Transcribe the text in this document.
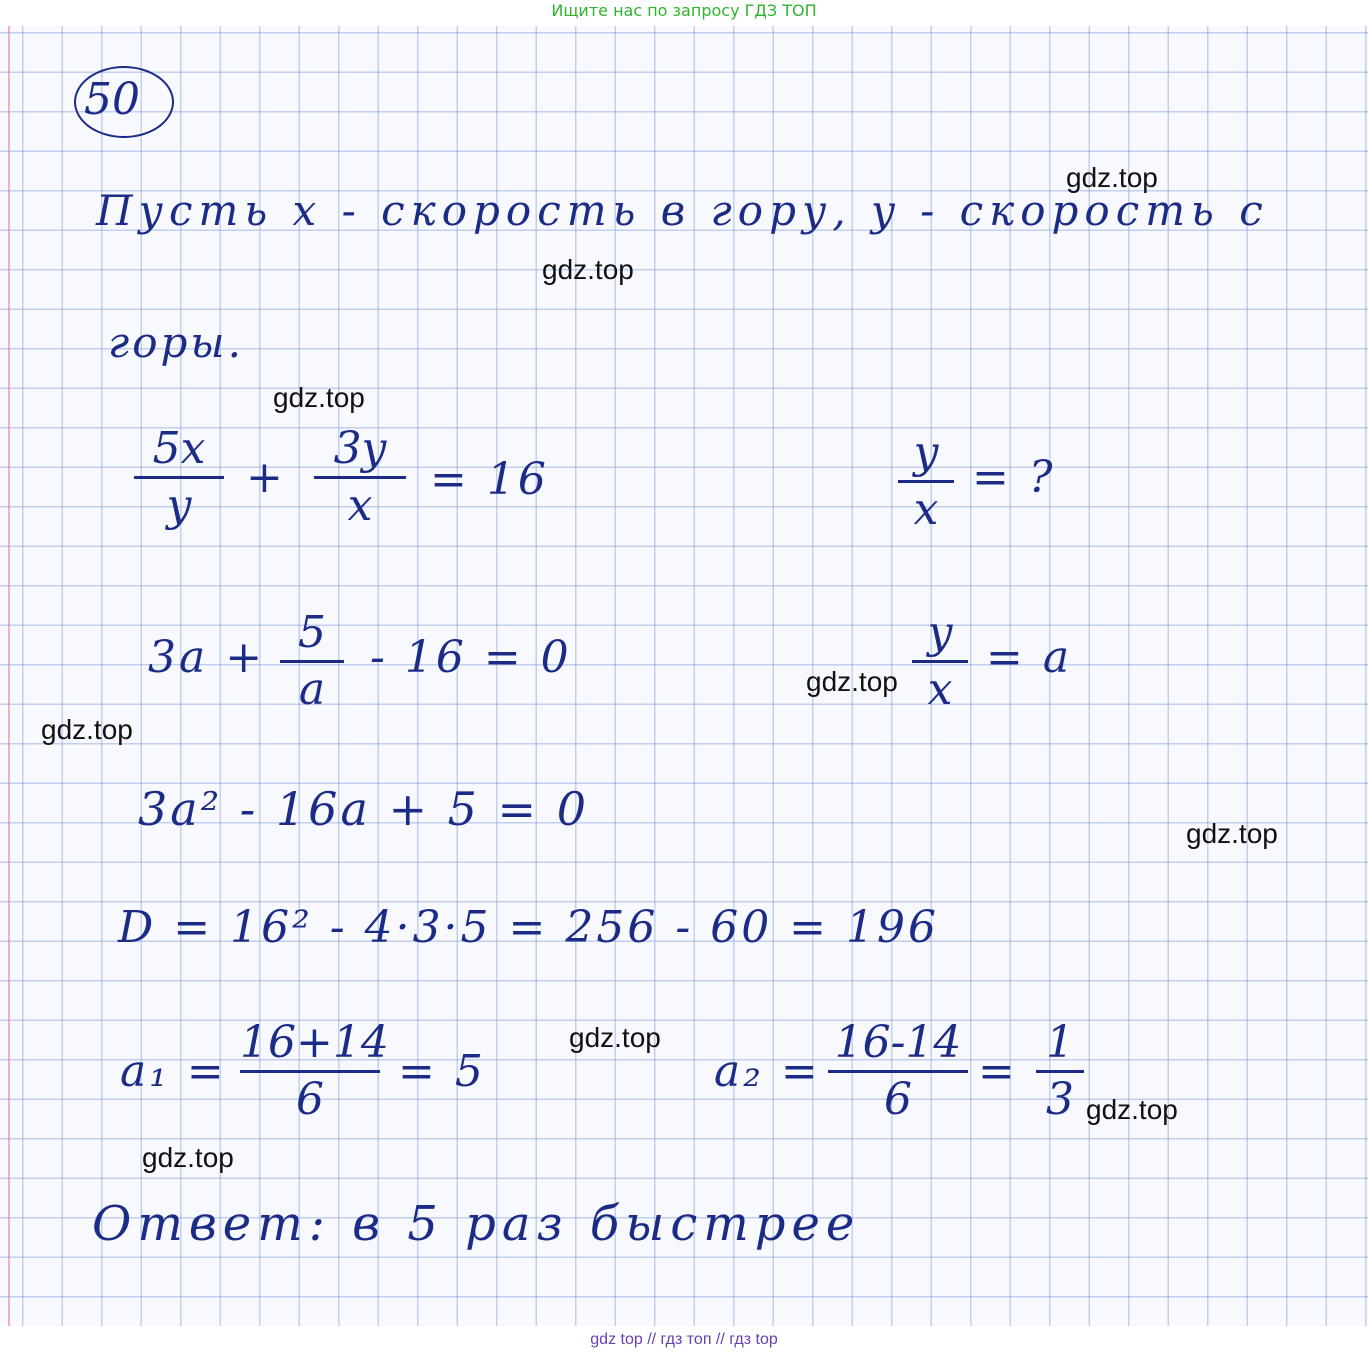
Ищите нас по запросу ГДЗ ТОП
50
Пусть x - скорость в гору, y - скорость с
горы.
5x
y
+
3y
x
= 16
y
x
= ?
3a + 5
a
- 16 = 0	y
x
= a
3a² - 16a + 5 = 0
D = 16² - 4·3·5 = 256 - 60 = 196
a₁ =
16+14
6
= 5	a₂ =
16-14
6
=
1
3
Ответ: в 5 раз быстрее
gdz.top
gdz.top
gdz.top
gdz.top
gdz.top
gdz.top
gdz.top
gdz.top
gdz.top
gdz top // гдз топ // гдз top
